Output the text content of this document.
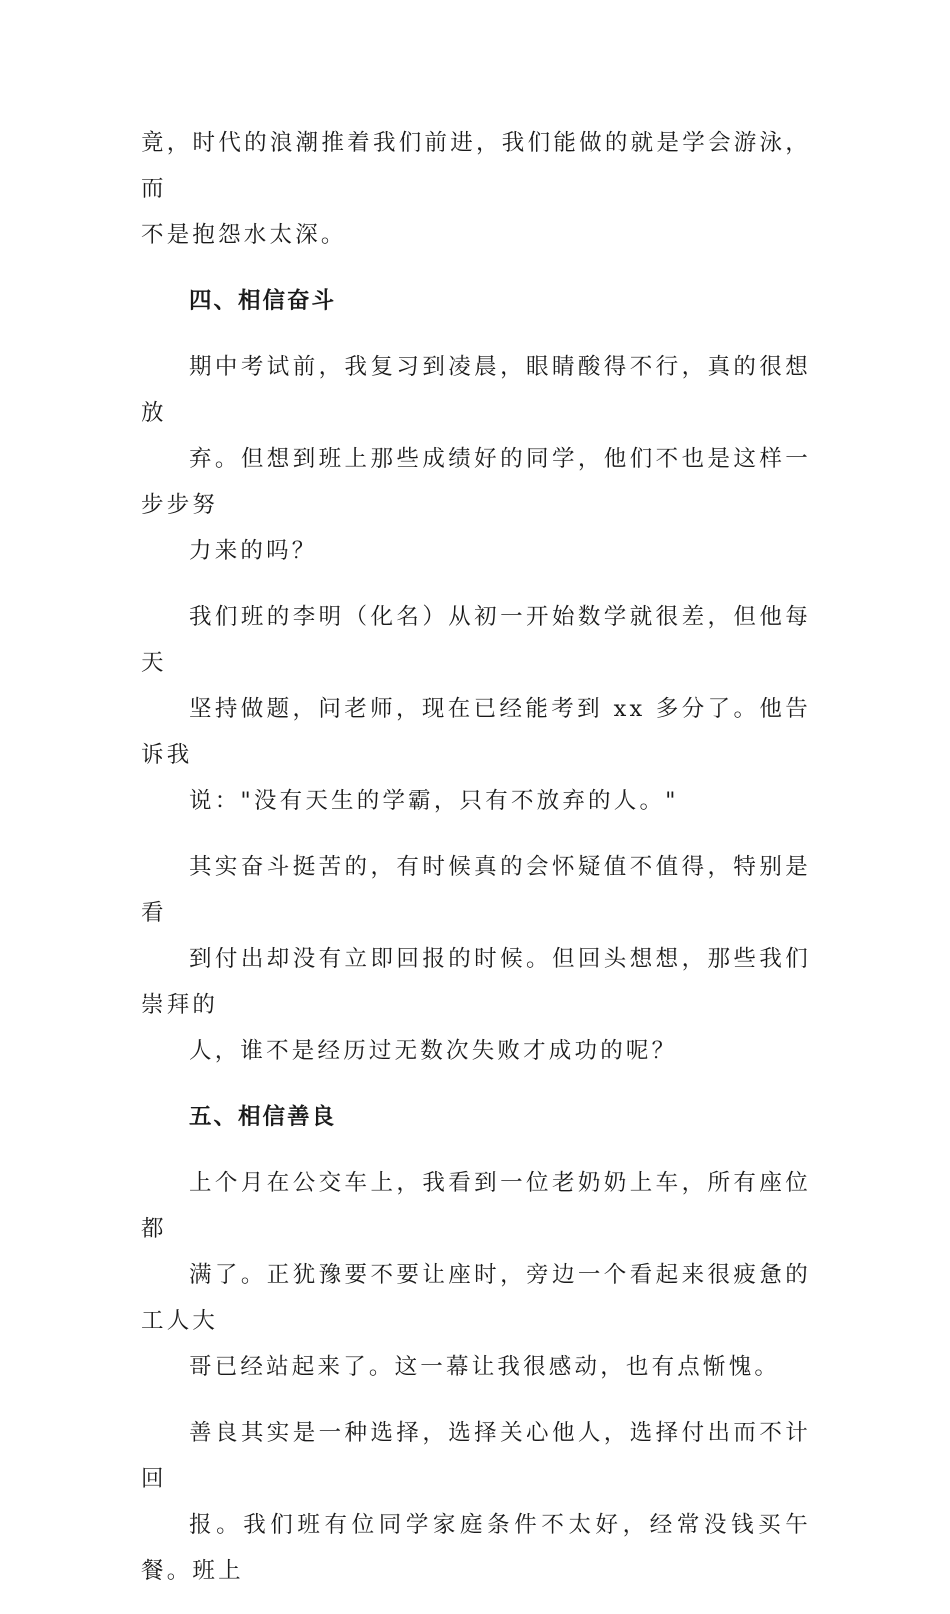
竟，时代的浪潮推着我们前进，我们能做的就是学会游泳，而
不是抱怨水太深。
四、相信奋斗
期中考试前，我复习到凌晨，眼睛酸得不行，真的很想放
弃。但想到班上那些成绩好的同学，他们不也是这样一步步努
力来的吗？
我们班的李明（化名）从初一开始数学就很差，但他每天
坚持做题，问老师，现在已经能考到 xx 多分了。他告诉我
说："没有天生的学霸，只有不放弃的人。"
其实奋斗挺苦的，有时候真的会怀疑值不值得，特别是看
到付出却没有立即回报的时候。但回头想想，那些我们崇拜的
人，谁不是经历过无数次失败才成功的呢？
五、相信善良
上个月在公交车上，我看到一位老奶奶上车，所有座位都
满了。正犹豫要不要让座时，旁边一个看起来很疲惫的工人大
哥已经站起来了。这一幕让我很感动，也有点惭愧。
善良其实是一种选择，选择关心他人，选择付出而不计回
报。我们班有位同学家庭条件不太好，经常没钱买午餐。班上
